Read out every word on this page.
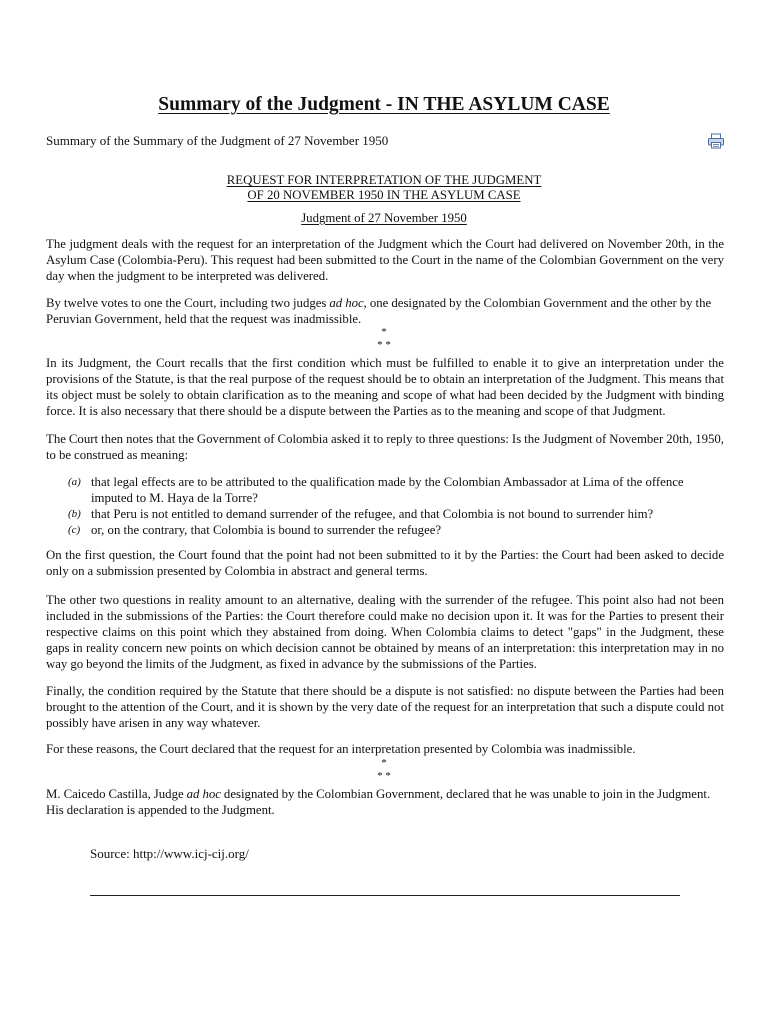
Summary of the Judgment - IN THE ASYLUM CASE

Summary of the Summary of the Judgment of 27 November 1950

REQUEST FOR INTERPRETATION OF THE JUDGMENT
OF 20 NOVEMBER 1950 IN THE ASYLUM CASE

Judgment of 27 November 1950

The judgment deals with the request for an interpretation of the Judgment which the Court had delivered on November 20th, in the Asylum Case (Colombia-Peru). This request had been submitted to the Court in the name of the Colombian Government on the very day when the judgment to be interpreted was delivered.

By twelve votes to one the Court, including two judges ad hoc, one designated by the Colombian Government and the other by the Peruvian Government, held that the request was inadmissible.

*

* *

In its Judgment, the Court recalls that the first condition which must be fulfilled to enable it to give an interpretation under the provisions of the Statute, is that the real purpose of the request should be to obtain an interpretation of the Judgment. This means that its object must be solely to obtain clarification as to the meaning and scope of what had been decided by the Judgment with binding force. It is also necessary that there should be a dispute between the Parties as to the meaning and scope of that Judgment.

The Court then notes that the Government of Colombia asked it to reply to three questions: Is the Judgment of November 20th, 1950, to be construed as meaning:

(a) that legal effects are to be attributed to the qualification made by the Colombian Ambassador at Lima of the offence imputed to M. Haya de la Torre?
(b) that Peru is not entitled to demand surrender of the refugee, and that Colombia is not bound to surrender him?
(c) or, on the contrary, that Colombia is bound to surrender the refugee?

On the first question, the Court found that the point had not been submitted to it by the Parties: the Court had been asked to decide only on a submission presented by Colombia in abstract and general terms.

The other two questions in reality amount to an alternative, dealing with the surrender of the refugee. This point also had not been included in the submissions of the Parties: the Court therefore could make no decision upon it. It was for the Parties to present their respective claims on this point which they abstained from doing. When Colombia claims to detect "gaps" in the Judgment, these gaps in reality concern new points on which decision cannot be obtained by means of an interpretation: this interpretation may in no way go beyond the limits of the Judgment, as fixed in advance by the submissions of the Parties.

Finally, the condition required by the Statute that there should be a dispute is not satisfied: no dispute between the Parties had been brought to the attention of the Court, and it is shown by the very date of the request for an interpretation that such a dispute could not possibly have arisen in any way whatever.

For these reasons, the Court declared that the request for an interpretation presented by Colombia was inadmissible.

*

* *

M. Caicedo Castilla, Judge ad hoc designated by the Colombian Government, declared that he was unable to join in the Judgment. His declaration is appended to the Judgment.

Source: http://www.icj-cij.org/
